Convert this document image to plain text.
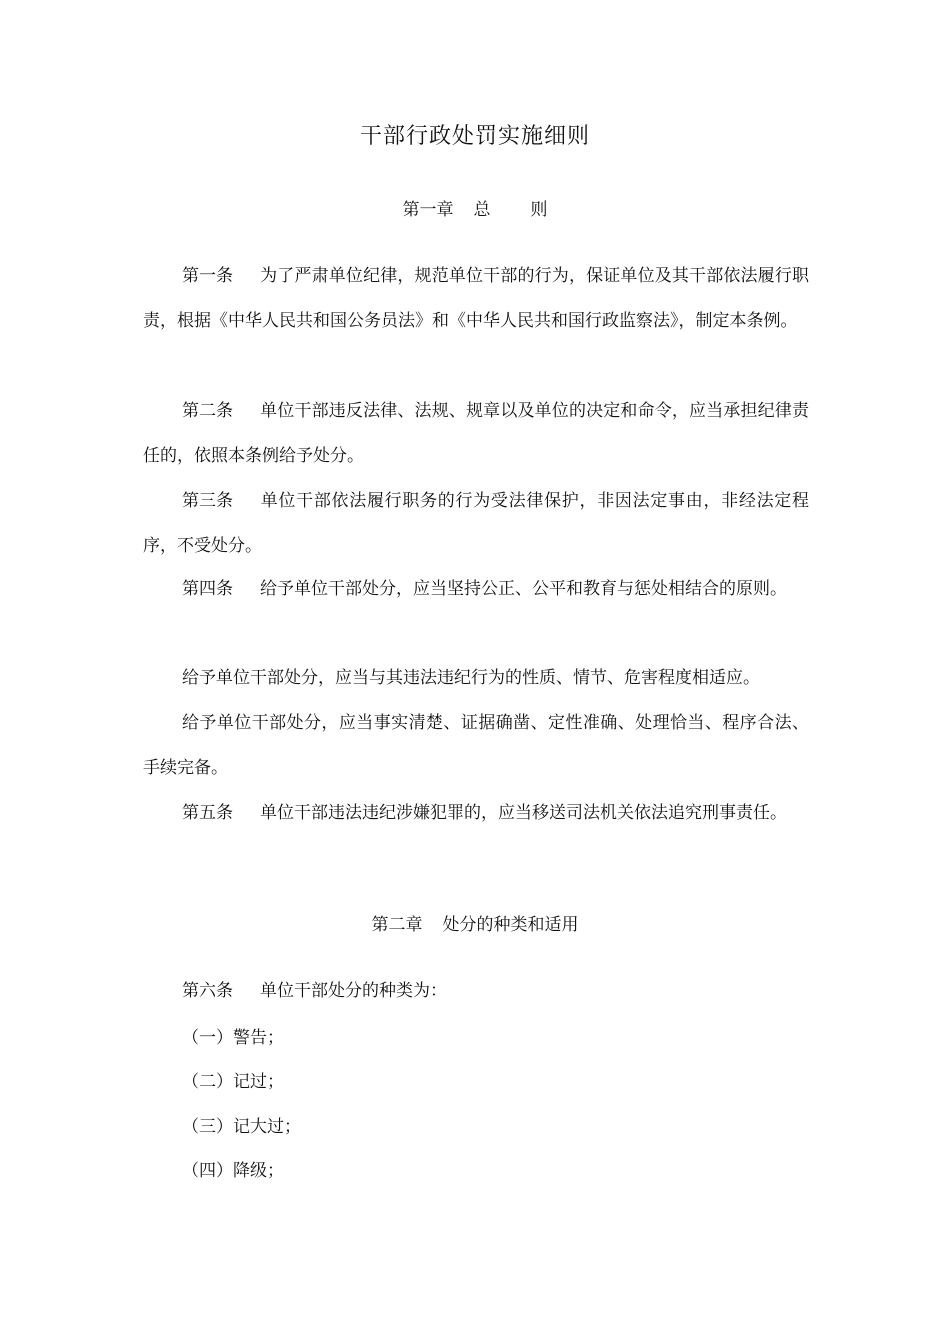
干部行政处罚实施细则
第一章 总 则

第一条 为了严肃单位纪律，规范单位干部的行为，保证单位及其干部依法履行职责，根据《中华人民共和国公务员法》和《中华人民共和国行政监察法》，制定本条例。

第二条 单位干部违反法律、法规、规章以及单位的决定和命令，应当承担纪律责任的，依照本条例给予处分。

第三条 单位干部依法履行职务的行为受法律保护，非因法定事由，非经法定程序，不受处分。

第四条 给予单位干部处分，应当坚持公正、公平和教育与惩处相结合的原则。

给予单位干部处分，应当与其违法违纪行为的性质、情节、危害程度相适应。

给予单位干部处分，应当事实清楚、证据确凿、定性准确、处理恰当、程序合法、手续完备。

第五条 单位干部违法违纪涉嫌犯罪的，应当移送司法机关依法追究刑事责任。

第二章 处分的种类和适用

第六条 单位干部处分的种类为：

（一）警告；
（二）记过；
（三）记大过；
（四）降级；
